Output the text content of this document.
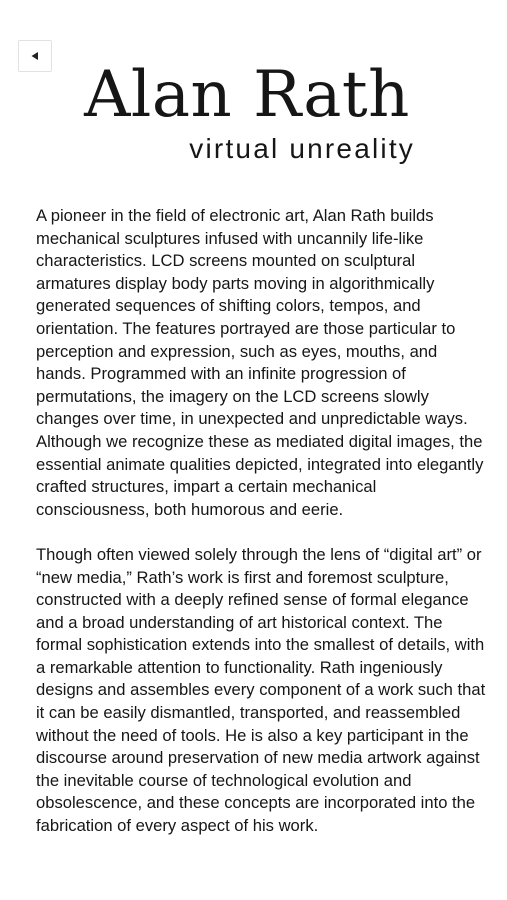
Alan Rath
virtual unreality

A pioneer in the field of electronic art, Alan Rath builds mechanical sculptures infused with uncannily life-like characteristics. LCD screens mounted on sculptural armatures display body parts moving in algorithmically generated sequences of shifting colors, tempos, and orientation. The features portrayed are those particular to perception and expression, such as eyes, mouths, and hands. Programmed with an infinite progression of permutations, the imagery on the LCD screens slowly changes over time, in unexpected and unpredictable ways. Although we recognize these as mediated digital images, the essential animate qualities depicted, integrated into elegantly crafted structures, impart a certain mechanical consciousness, both humorous and eerie.

Though often viewed solely through the lens of “digital art” or “new media,” Rath’s work is first and foremost sculpture, constructed with a deeply refined sense of formal elegance and a broad understanding of art historical context. The formal sophistication extends into the smallest of details, with a remarkable attention to functionality. Rath ingeniously designs and assembles every component of a work such that it can be easily dismantled, transported, and reassembled without the need of tools. He is also a key participant in the discourse around preservation of new media artwork against the inevitable course of technological evolution and obsolescence, and these concepts are incorporated into the fabrication of every aspect of his work.
